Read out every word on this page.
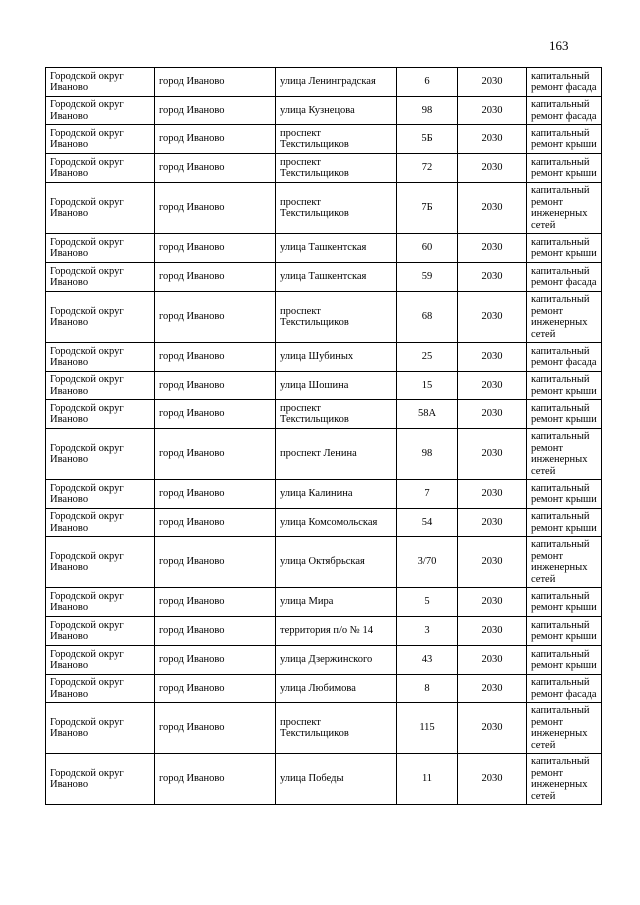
163
Городской округ Иваново	город Иваново	улица Ленинградская	6	2030	капитальный ремонт фасада
Городской округ Иваново	город Иваново	улица Кузнецова	98	2030	капитальный ремонт фасада
Городской округ Иваново	город Иваново	проспект Текстильщиков	5Б	2030	капитальный ремонт крыши
Городской округ Иваново	город Иваново	проспект Текстильщиков	72	2030	капитальный ремонт крыши
Городской округ Иваново	город Иваново	проспект Текстильщиков	7Б	2030	капитальный ремонт инженерных сетей
Городской округ Иваново	город Иваново	улица Ташкентская	60	2030	капитальный ремонт крыши
Городской округ Иваново	город Иваново	улица Ташкентская	59	2030	капитальный ремонт фасада
Городской округ Иваново	город Иваново	проспект Текстильщиков	68	2030	капитальный ремонт инженерных сетей
Городской округ Иваново	город Иваново	улица Шубиных	25	2030	капитальный ремонт фасада
Городской округ Иваново	город Иваново	улица Шошина	15	2030	капитальный ремонт крыши
Городской округ Иваново	город Иваново	проспект Текстильщиков	58А	2030	капитальный ремонт крыши
Городской округ Иваново	город Иваново	проспект Ленина	98	2030	капитальный ремонт инженерных сетей
Городской округ Иваново	город Иваново	улица Калинина	7	2030	капитальный ремонт крыши
Городской округ Иваново	город Иваново	улица Комсомольская	54	2030	капитальный ремонт крыши
Городской округ Иваново	город Иваново	улица Октябрьская	3/70	2030	капитальный ремонт инженерных сетей
Городской округ Иваново	город Иваново	улица Мира	5	2030	капитальный ремонт крыши
Городской округ Иваново	город Иваново	территория п/о № 14	3	2030	капитальный ремонт крыши
Городской округ Иваново	город Иваново	улица Дзержинского	43	2030	капитальный ремонт крыши
Городской округ Иваново	город Иваново	улица Любимова	8	2030	капитальный ремонт фасада
Городской округ Иваново	город Иваново	проспект Текстильщиков	115	2030	капитальный ремонт инженерных сетей
Городской округ Иваново	город Иваново	улица Победы	11	2030	капитальный ремонт инженерных сетей
